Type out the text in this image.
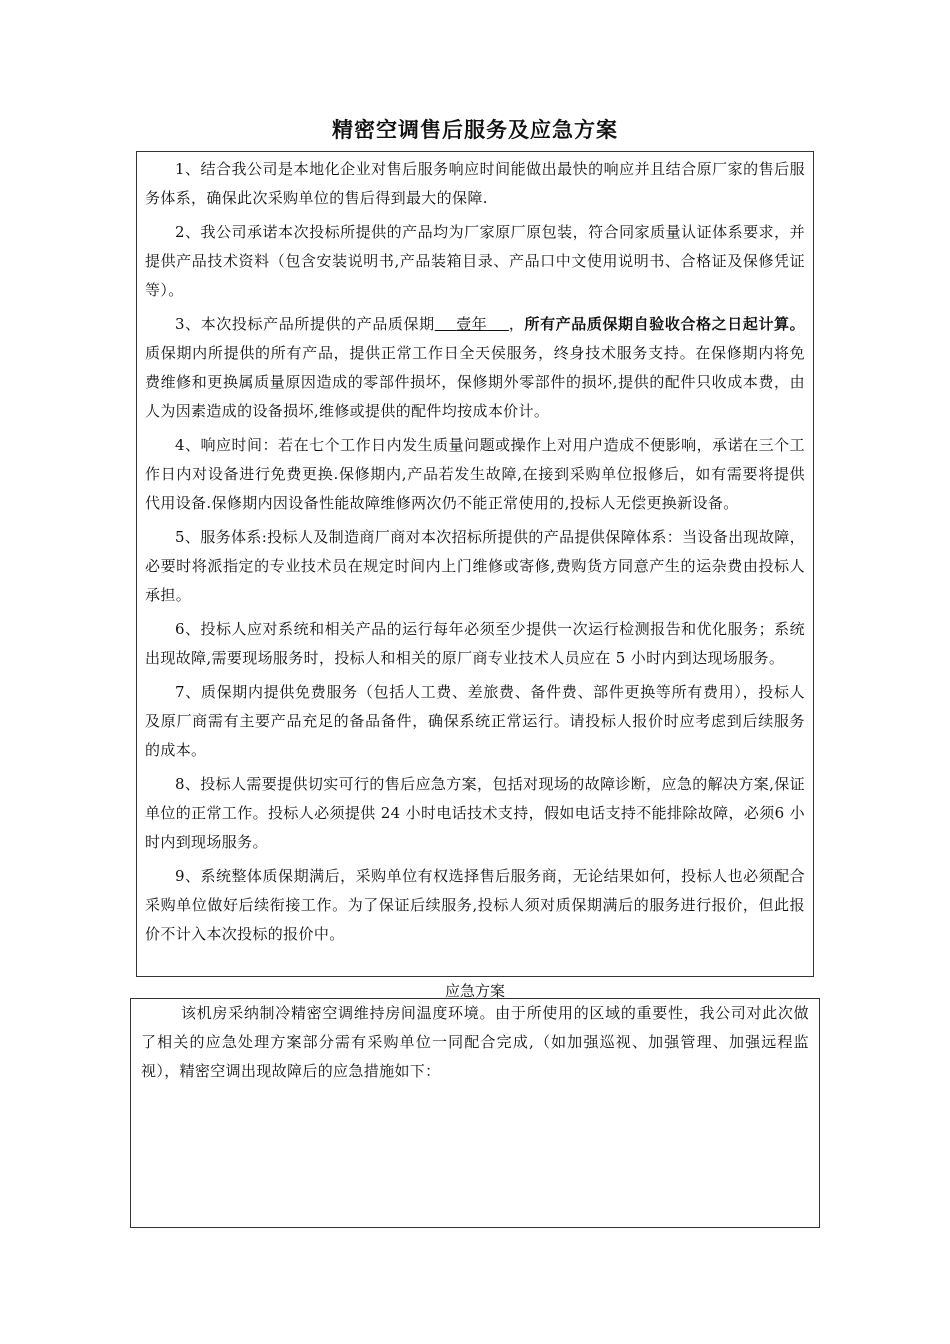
精密空调售后服务及应急方案

1、结合我公司是本地化企业对售后服务响应时间能做出最快的响应并且结合原厂家的售后服务体系，确保此次采购单位的售后得到最大的保障.

2、我公司承诺本次投标所提供的产品均为厂家原厂原包装，符合同家质量认证体系要求，并提供产品技术资料（包含安装说明书,产品装箱目录、产品口中文使用说明书、合格证及保修凭证等）。

3、本次投标产品所提供的产品质保期 壹年 ，所有产品质保期自验收合格之日起计算。质保期内所提供的所有产品，提供正常工作日全天侯服务，终身技术服务支持。在保修期内将免费维修和更换属质量原因造成的零部件损坏，保修期外零部件的损坏,提供的配件只收成本费，由人为因素造成的设备损坏,维修或提供的配件均按成本价计。

4、响应时间：若在七个工作日内发生质量问题或操作上对用户造成不便影响，承诺在三个工作日内对设备进行免费更换.保修期内,产品若发生故障,在接到采购单位报修后，如有需要将提供代用设备.保修期内因设备性能故障维修两次仍不能正常使用的,投标人无偿更换新设备。

5、服务体系:投标人及制造商厂商对本次招标所提供的产品提供保障体系：当设备出现故障，必要时将派指定的专业技术员在规定时间内上门维修或寄修,费购货方同意产生的运杂费由投标人承担。

6、投标人应对系统和相关产品的运行每年必须至少提供一次运行检测报告和优化服务；系统出现故障,需要现场服务时，投标人和相关的原厂商专业技术人员应在 5 小时内到达现场服务。

7、质保期内提供免费服务（包括人工费、差旅费、备件费、部件更换等所有费用），投标人及原厂商需有主要产品充足的备品备件，确保系统正常运行。请投标人报价时应考虑到后续服务的成本。

8、投标人需要提供切实可行的售后应急方案，包括对现场的故障诊断，应急的解决方案,保证单位的正常工作。投标人必须提供 24 小时电话技术支持，假如电话支持不能排除故障，必须6 小时内到现场服务。

9、系统整体质保期满后，采购单位有权选择售后服务商，无论结果如何，投标人也必须配合采购单位做好后续衔接工作。为了保证后续服务,投标人须对质保期满后的服务进行报价，但此报价不计入本次投标的报价中。

应急方案

该机房采纳制冷精密空调维持房间温度环境。由于所使用的区域的重要性，我公司对此次做了相关的应急处理方案部分需有采购单位一同配合完成,（如加强巡视、加强管理、加强远程监视），精密空调出现故障后的应急措施如下：
